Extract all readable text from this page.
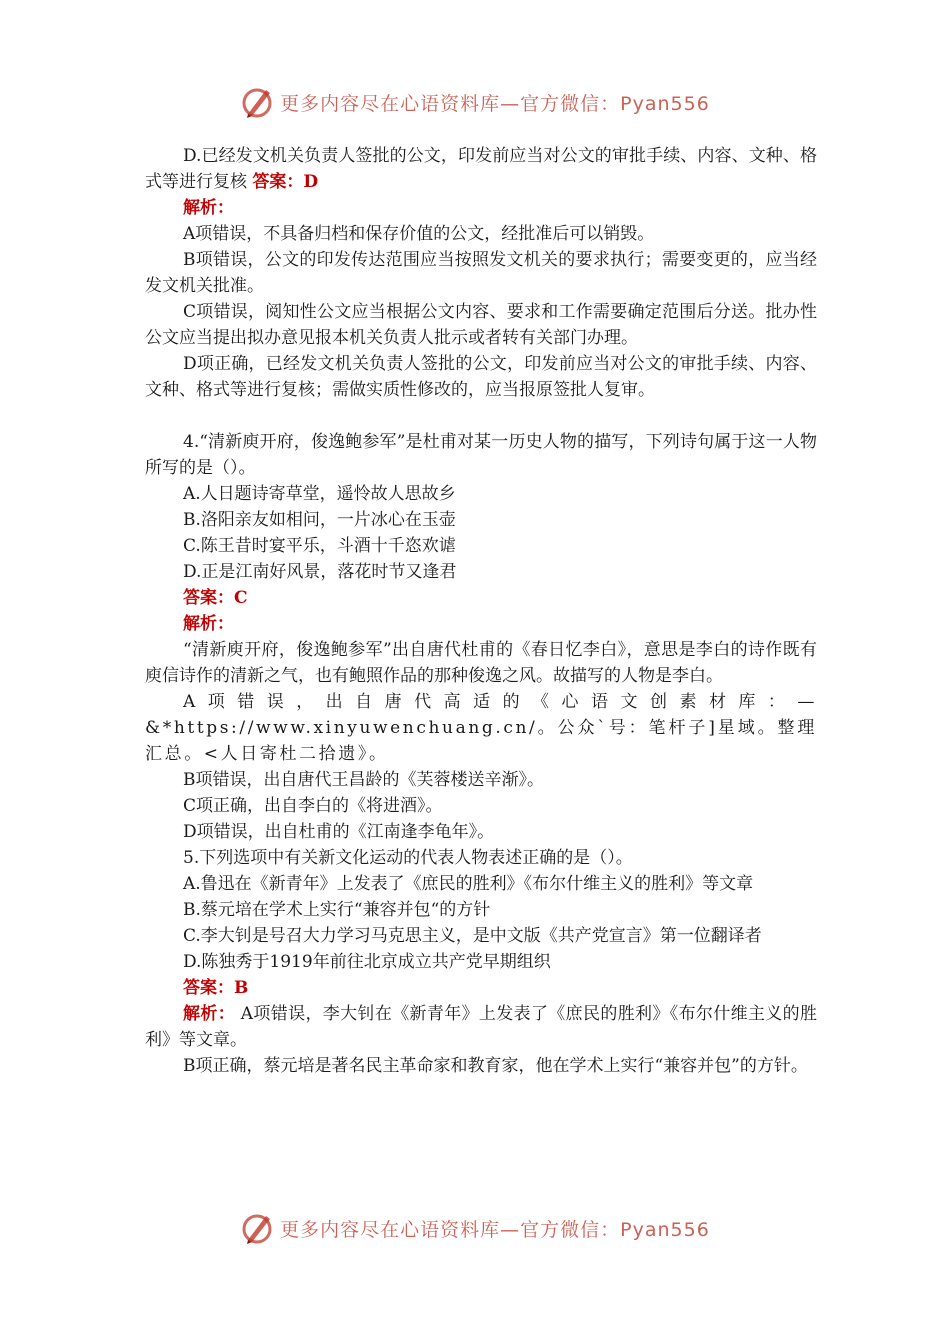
更多内容尽在心语资料库—官方微信：Pyan556

D.已经发文机关负责人签批的公文，印发前应当对公文的审批手续、内容、文种、格式等进行复核 答案：D

解析：

A项错误，不具备归档和保存价值的公文，经批准后可以销毁。

B项错误，公文的印发传达范围应当按照发文机关的要求执行；需要变更的，应当经发文机关批准。

C项错误，阅知性公文应当根据公文内容、要求和工作需要确定范围后分送。批办性公文应当提出拟办意见报本机关负责人批示或者转有关部门办理。

D项正确，已经发文机关负责人签批的公文，印发前应当对公文的审批手续、内容、文种、格式等进行复核；需做实质性修改的，应当报原签批人复审。

4.“清新庾开府，俊逸鲍参军”是杜甫对某一历史人物的描写，下列诗句属于这一人物所写的是（）。

A.人日题诗寄草堂，遥怜故人思故乡

B.洛阳亲友如相问，一片冰心在玉壶

C.陈王昔时宴平乐，斗酒十千恣欢谑

D.正是江南好风景，落花时节又逢君

答案：C

解析：

“清新庾开府，俊逸鲍参军”出自唐代杜甫的《春日忆李白》，意思是李白的诗作既有庾信诗作的清新之气，也有鲍照作品的那种俊逸之风。故描写的人物是李白。

A项错误，出自唐代高适的《心语文创素材库：—&*https://www.xinyuwenchuang.cn/。公众`号：笔杆子]星域。整理汇总。<人日寄杜二拾遗》。

B项错误，出自唐代王昌龄的《芙蓉楼送辛渐》。

C项正确，出自李白的《将进酒》。

D项错误，出自杜甫的《江南逢李龟年》。

5.下列选项中有关新文化运动的代表人物表述正确的是（）。

A.鲁迅在《新青年》上发表了《庶民的胜利》《布尔什维主义的胜利》等文章

B.蔡元培在学术上实行“兼容并包“的方针

C.李大钊是号召大力学习马克思主义，是中文版《共产党宣言》第一位翻译者

D.陈独秀于1919年前往北京成立共产党早期组织

答案：B

解析： A项错误，李大钊在《新青年》上发表了《庶民的胜利》《布尔什维主义的胜利》等文章。

B项正确，蔡元培是著名民主革命家和教育家，他在学术上实行“兼容并包”的方针。

更多内容尽在心语资料库—官方微信：Pyan556
